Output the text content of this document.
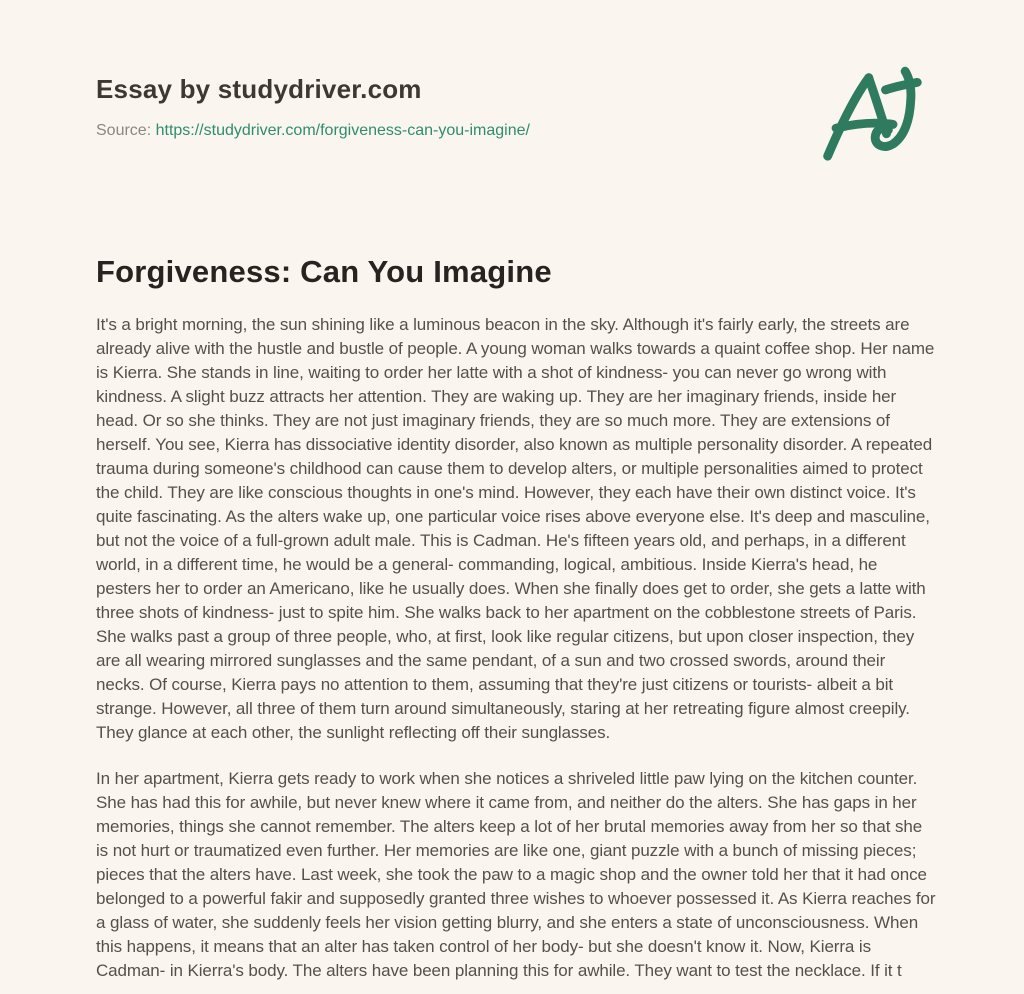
Essay by studydriver.com
Source: https://studydriver.com/forgiveness-can-you-imagine/
Forgiveness: Can You Imagine

It's a bright morning, the sun shining like a luminous beacon in the sky. Although it's fairly early, the streets are already alive with the hustle and bustle of people. A young woman walks towards a quaint coffee shop. Her name is Kierra. She stands in line, waiting to order her latte with a shot of kindness- you can never go wrong with kindness. A slight buzz attracts her attention. They are waking up. They are her imaginary friends, inside her head. Or so she thinks. They are not just imaginary friends, they are so much more. They are extensions of herself. You see, Kierra has dissociative identity disorder, also known as multiple personality disorder. A repeated trauma during someone's childhood can cause them to develop alters, or multiple personalities aimed to protect the child. They are like conscious thoughts in one's mind. However, they each have their own distinct voice. It's quite fascinating. As the alters wake up, one particular voice rises above everyone else. It's deep and masculine, but not the voice of a full-grown adult male. This is Cadman. He's fifteen years old, and perhaps, in a different world, in a different time, he would be a general- commanding, logical, ambitious. Inside Kierra's head, he pesters her to order an Americano, like he usually does. When she finally does get to order, she gets a latte with three shots of kindness- just to spite him. She walks back to her apartment on the cobblestone streets of Paris. She walks past a group of three people, who, at first, look like regular citizens, but upon closer inspection, they are all wearing mirrored sunglasses and the same pendant, of a sun and two crossed swords, around their necks. Of course, Kierra pays no attention to them, assuming that they're just citizens or tourists- albeit a bit strange. However, all three of them turn around simultaneously, staring at her retreating figure almost creepily. They glance at each other, the sunlight reflecting off their sunglasses.

In her apartment, Kierra gets ready to work when she notices a shriveled little paw lying on the kitchen counter. She has had this for awhile, but never knew where it came from, and neither do the alters. She has gaps in her memories, things she cannot remember. The alters keep a lot of her brutal memories away from her so that she is not hurt or traumatized even further. Her memories are like one, giant puzzle with a bunch of missing pieces; pieces that the alters have. Last week, she took the paw to a magic shop and the owner told her that it had once belonged to a powerful fakir and supposedly granted three wishes to whoever possessed it. As Kierra reaches for a glass of water, she suddenly feels her vision getting blurry, and she enters a state of unconsciousness. When this happens, it means that an alter has taken control of her body- but she doesn't know it. Now, Kierra is Cadman- in Kierra's body. The alters have been planning this for awhile. They want to test the necklace. If it t
